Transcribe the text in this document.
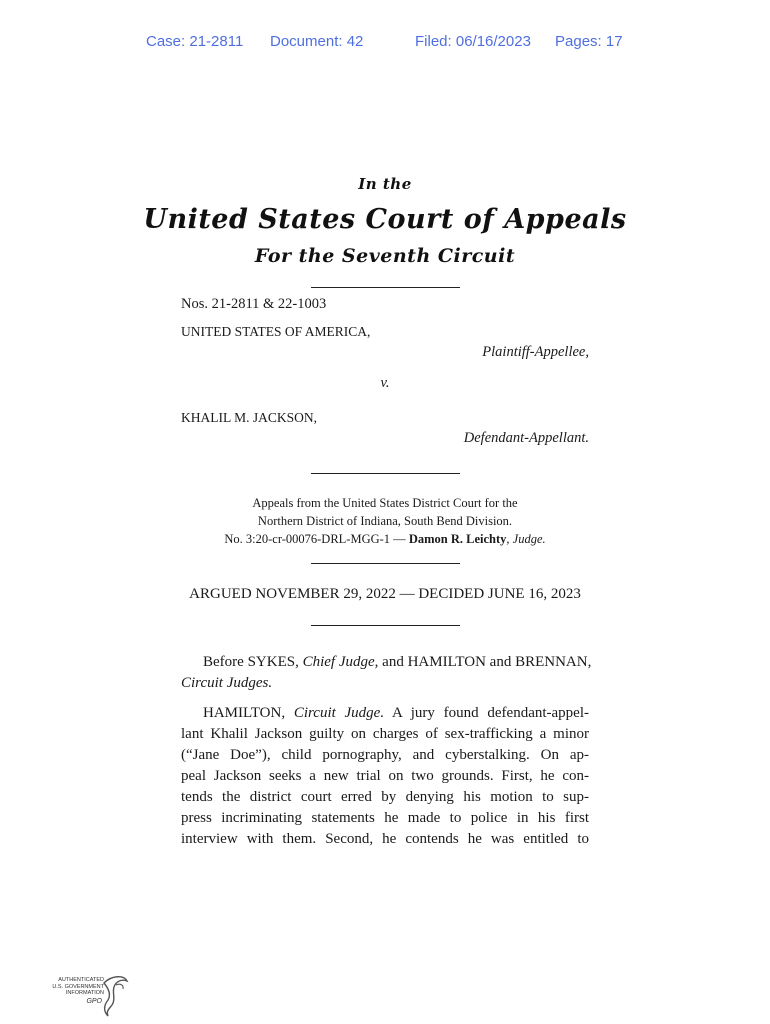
Case: 21-2811 Document: 42	Filed: 06/16/2023 Pages: 17
In the
United States Court of Appeals
For the Seventh Circuit
Nos. 21-2811 & 22-1003
UNITED STATES OF AMERICA,
Plaintiff-Appellee,
v.
KHALIL M. JACKSON,
Defendant-Appellant.
Appeals from the United States District Court for the
Northern District of Indiana, South Bend Division.
No. 3:20-cr-00076-DRL-MGG-1 — Damon R. Leichty, Judge.
ARGUED NOVEMBER 29, 2022 — DECIDED JUNE 16, 2023
Before SYKES, Chief Judge, and HAMILTON and BRENNAN,
Circuit Judges.
HAMILTON, Circuit Judge. A jury found defendant-appel-
lant Khalil Jackson guilty on charges of sex-trafficking a minor
(“Jane Doe”), child pornography, and cyberstalking. On ap-
peal Jackson seeks a new trial on two grounds. First, he con-
tends the district court erred by denying his motion to sup-
press incriminating statements he made to police in his first
interview with them. Second, he contends he was entitled to
AUTHENTICATED
U.S. GOVERNMENT
INFORMATION
GPO
